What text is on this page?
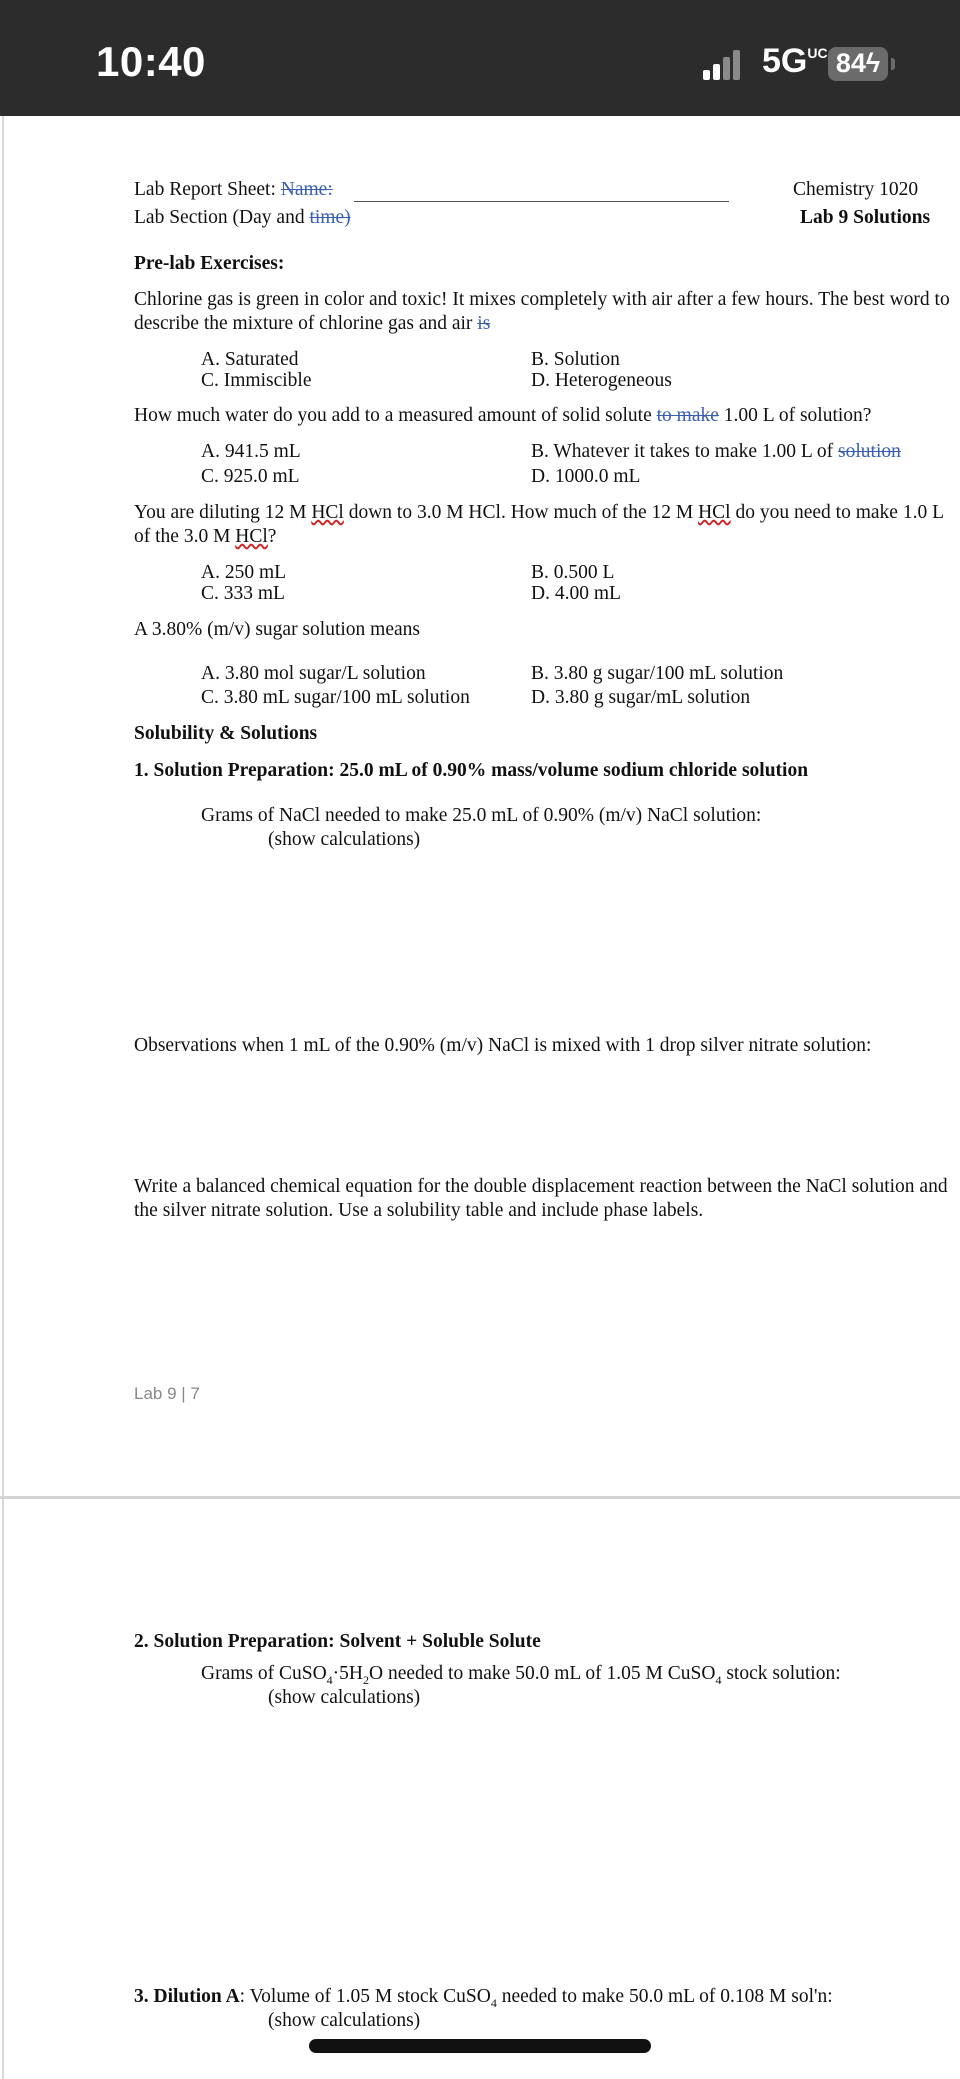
10:40	$5G^{UC}$ 84ϟ
Lab Report Sheet: Name:	Chemistry 1020
Lab Section (Day and time)	Lab 9 Solutions
Pre-lab Exercises:
Chlorine gas is green in color and toxic! It mixes completely with air after a few hours. The best word to
describe the mixture of chlorine gas and air is
A. Saturated	B. Solution
C. Immiscible	D. Heterogeneous
How much water do you add to a measured amount of solid solute to make 1.00 L of solution?
A. 941.5 mL	B. Whatever it takes to make 1.00 L of solution
C. 925.0 mL	D. 1000.0 mL
You are diluting 12 M HCl down to 3.0 M HCl. How much of the 12 M HCl do you need to make 1.0 L
of the 3.0 M HCl?
A. 250 mL	B. 0.500 L
C. 333 mL	D. 4.00 mL
A 3.80% (m/v) sugar solution means
A. 3.80 mol sugar/L solution	B. 3.80 g sugar/100 mL solution
C. 3.80 mL sugar/100 mL solution	D. 3.80 g sugar/mL solution
Solubility & Solutions
1. Solution Preparation: 25.0 mL of 0.90% mass/volume sodium chloride solution
Grams of NaCl needed to make 25.0 mL of 0.90% (m/v) NaCl solution:
(show calculations)
Observations when 1 mL of the 0.90% (m/v) NaCl is mixed with 1 drop silver nitrate solution:
Write a balanced chemical equation for the double displacement reaction between the NaCl solution and
the silver nitrate solution. Use a solubility table and include phase labels.
Lab 9 | 7
2. Solution Preparation: Solvent + Soluble Solute
Grams of $CuSO_4\cdot 5H_2O$ needed to make 50.0 mL of 1.05 M CuSO$_4$ stock solution:
(show calculations)
3. Dilution A: Volume of 1.05 M stock CuSO$_4$ needed to make 50.0 mL of 0.108 M sol'n:
(show calculations)
